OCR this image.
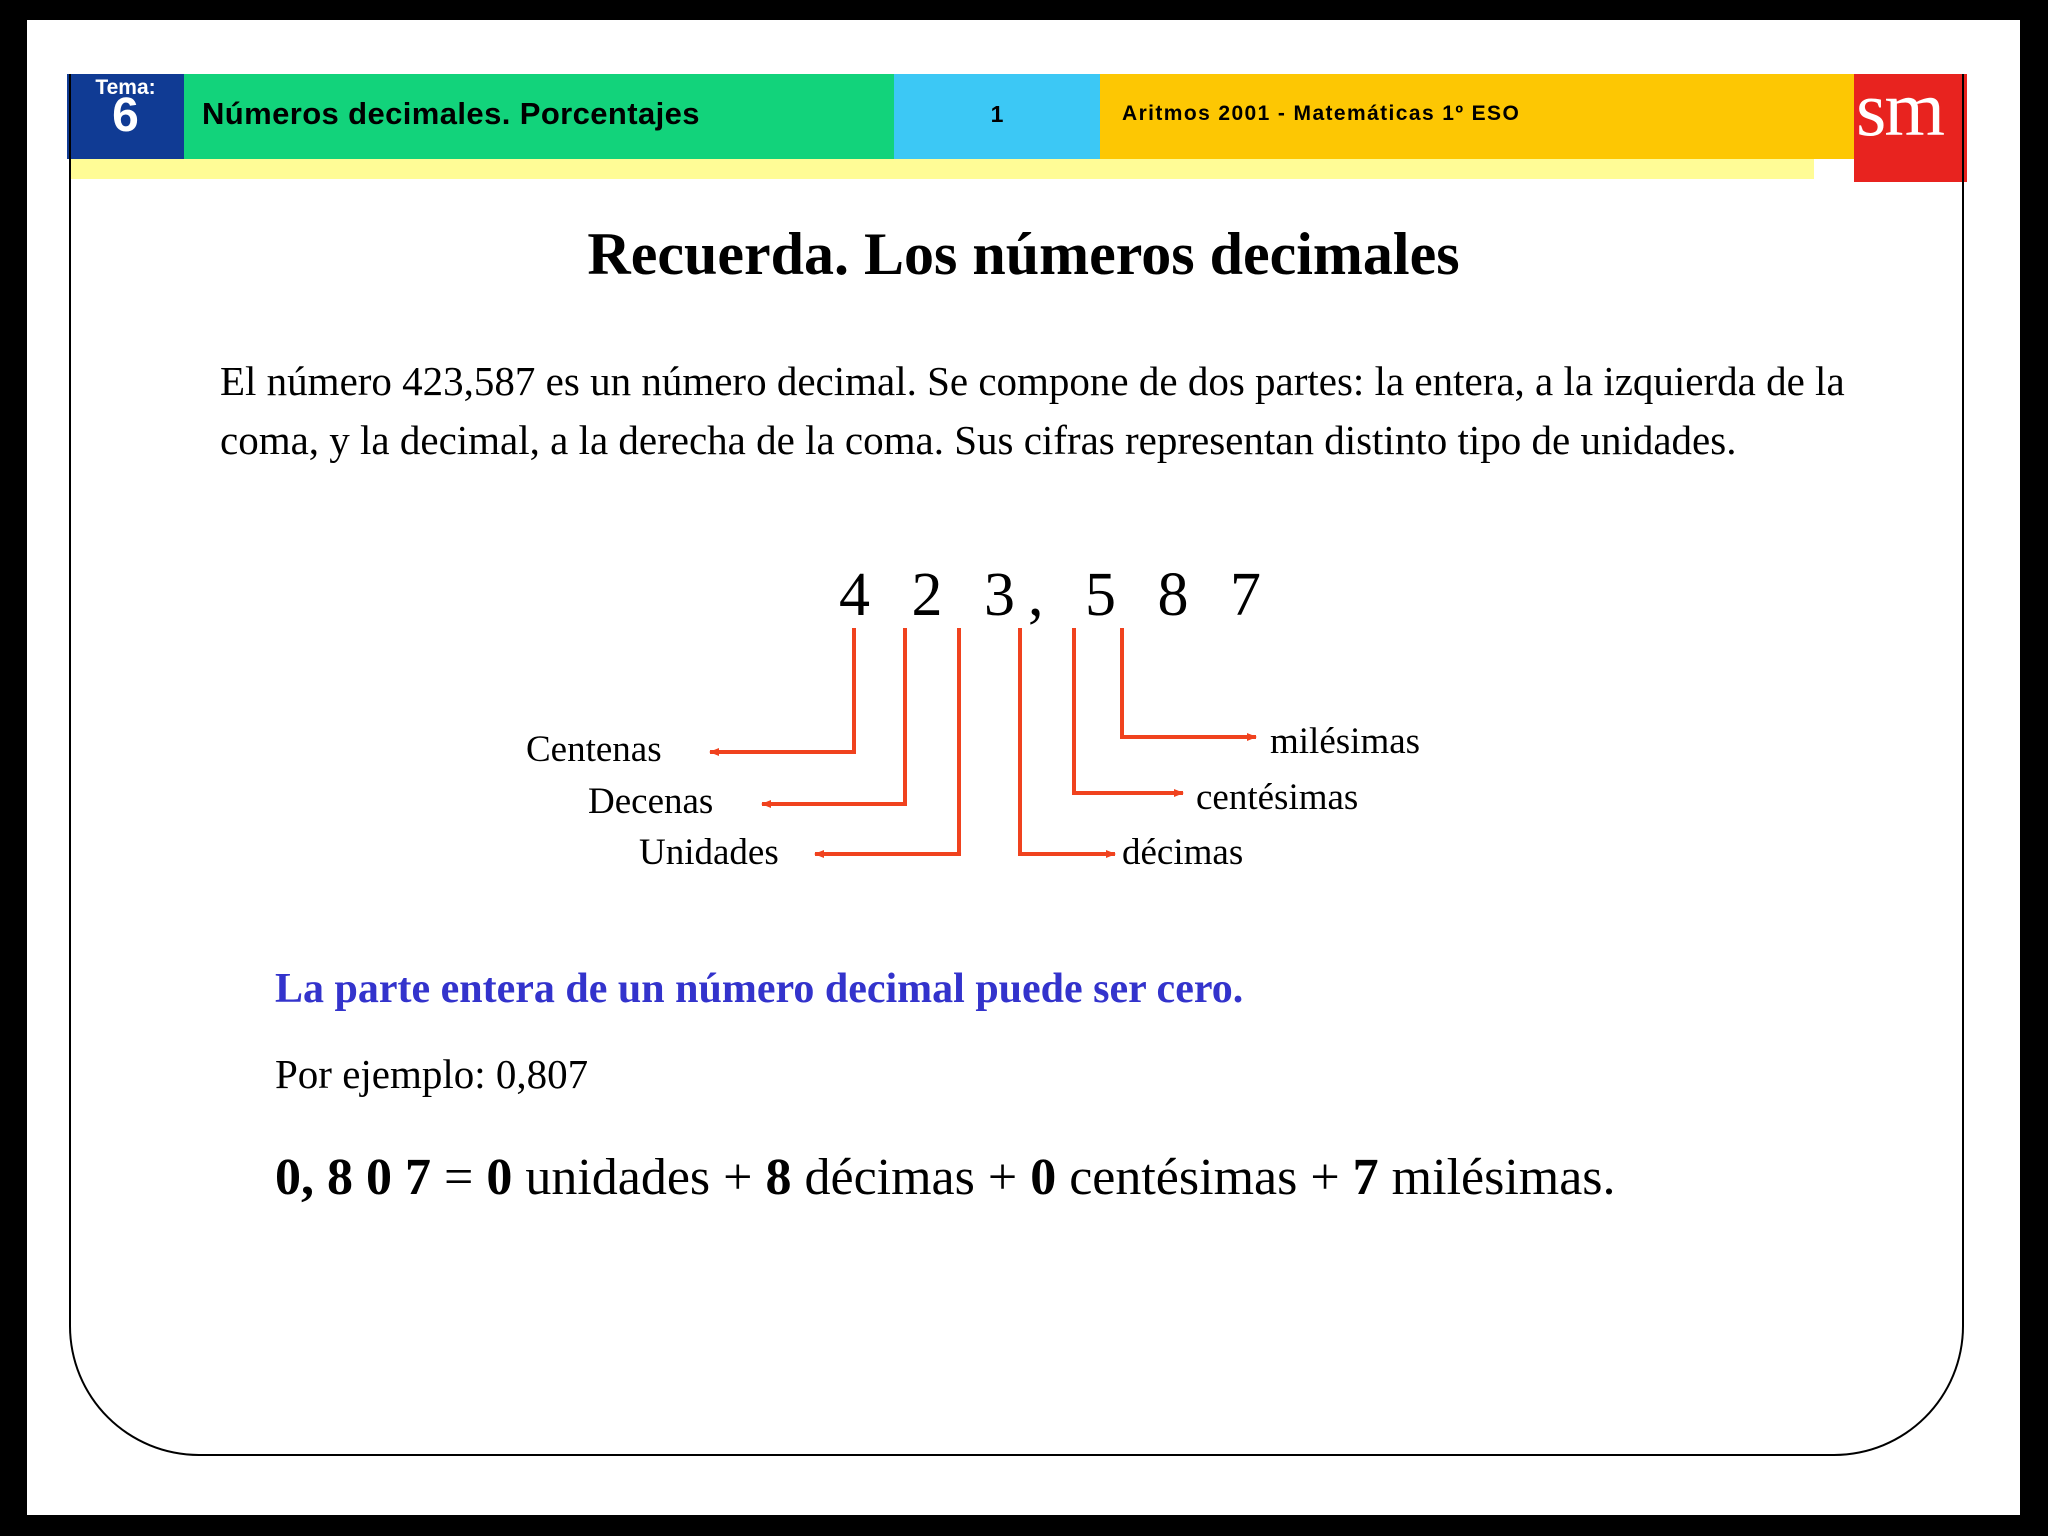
Tema:
6	Números decimales. Porcentajes	1	Aritmos 2001 - Matemáticas 1º ESO	sm
Recuerda. Los números decimales
El número 423,587 es un número decimal. Se compone de dos partes: la entera, a la izquierda de la coma, y la decimal, a la derecha de la coma. Sus cifras representan distinto tipo de unidades.
4 2 3, 5 8 7
Centenas
Decenas
Unidades
milésimas
centésimas
décimas
La parte entera de un número decimal puede ser cero.
Por ejemplo: 0,807
0, 8 0 7 = 0 unidades + 8 décimas + 0 centésimas + 7 milésimas.
